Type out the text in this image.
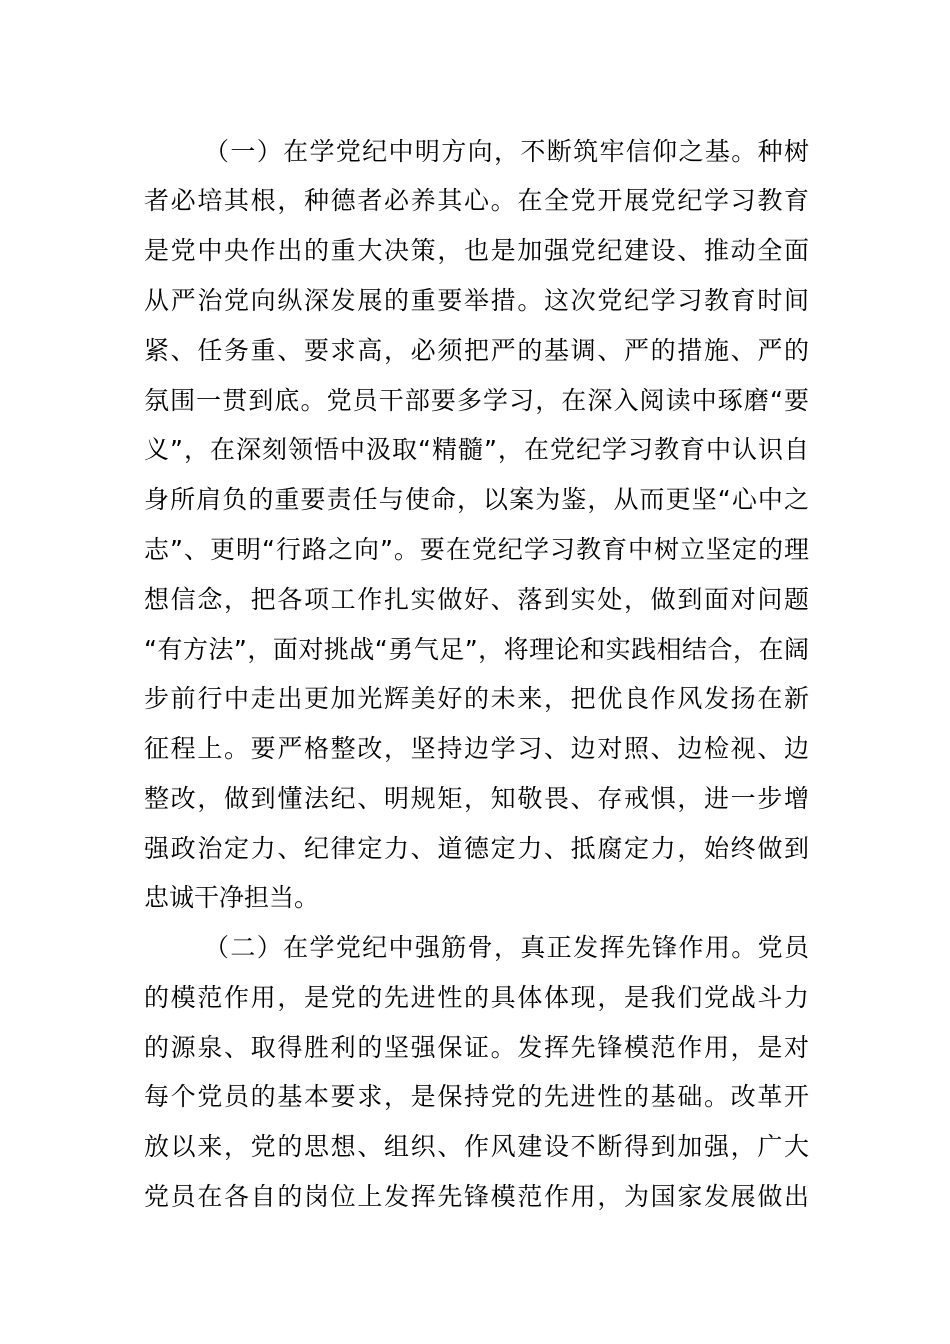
（一）在学党纪中明方向，不断筑牢信仰之基。种树
者必培其根，种德者必养其心。在全党开展党纪学习教育
是党中央作出的重大决策，也是加强党纪建设、推动全面
从严治党向纵深发展的重要举措。这次党纪学习教育时间
紧、任务重、要求高，必须把严的基调、严的措施、严的
氛围一贯到底。党员干部要多学习，在深入阅读中琢磨“要
义”，在深刻领悟中汲取“精髓”，在党纪学习教育中认识自
身所肩负的重要责任与使命，以案为鉴，从而更坚“心中之
志”、更明“行路之向”。要在党纪学习教育中树立坚定的理
想信念，把各项工作扎实做好、落到实处，做到面对问题
“有方法”，面对挑战“勇气足”，将理论和实践相结合，在阔
步前行中走出更加光辉美好的未来，把优良作风发扬在新
征程上。要严格整改，坚持边学习、边对照、边检视、边
整改，做到懂法纪、明规矩，知敬畏、存戒惧，进一步增
强政治定力、纪律定力、道德定力、抵腐定力，始终做到
忠诚干净担当。
（二）在学党纪中强筋骨，真正发挥先锋作用。党员
的模范作用，是党的先进性的具体体现，是我们党战斗力
的源泉、取得胜利的坚强保证。发挥先锋模范作用，是对
每个党员的基本要求，是保持党的先进性的基础。改革开
放以来，党的思想、组织、作风建设不断得到加强，广大
党员在各自的岗位上发挥先锋模范作用，为国家发展做出
